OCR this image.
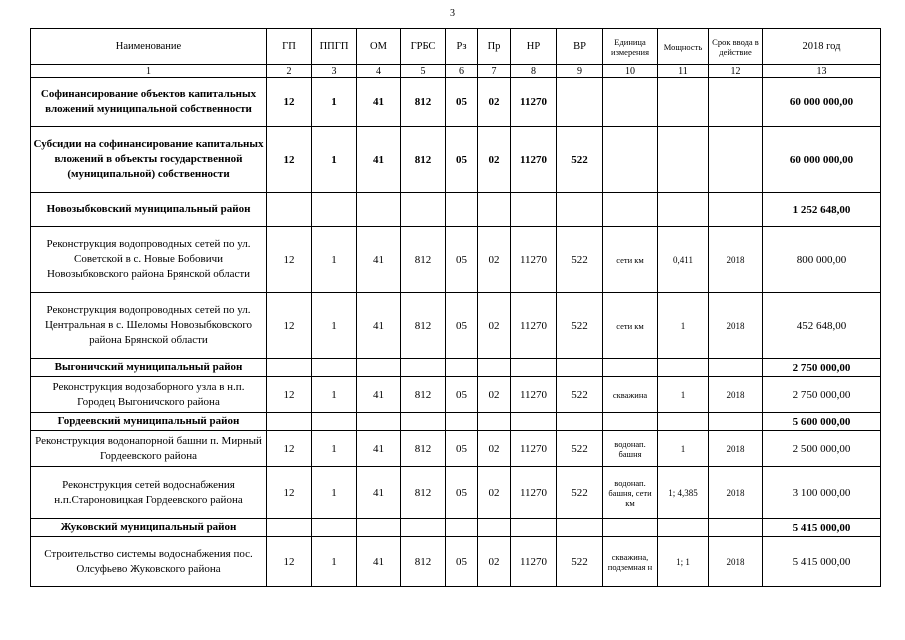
3
Наименование	ГП	ППГП	ОМ	ГРБС	Рз	Пр	НР	ВР	Единица измерения	Мощность	Срок ввода в действие	2018 год
1	2	3	4	5	6	7	8	9	10	11	12	13
Софинансирование объектов капитальных вложений муниципальной собственности	12	1	41	812	05	02	11270					60 000 000,00
Субсидии на софинансирование капитальных вложений в объекты государственной (муниципальной) собственности	12	1	41	812	05	02	11270	522				60 000 000,00
Новозыбковский муниципальный район												1 252 648,00
Реконструкция водопроводных сетей по ул. Советской в с. Новые Бобовичи Новозыбковского района Брянской области	12	1	41	812	05	02	11270	522	сети км	0,411	2018	800 000,00
Реконструкция водопроводных сетей по ул. Центральная в с. Шеломы Новозыбковского района Брянской области	12	1	41	812	05	02	11270	522	сети км	1	2018	452 648,00
Выгоничский муниципальный район												2 750 000,00
Реконструкция водозаборного узла в н.п. Городец Выгоничского района	12	1	41	812	05	02	11270	522	скважина	1	2018	2 750 000,00
Гордеевский муниципальный район												5 600 000,00
Реконструкция водонапорной башни п. Мирный Гордеевского района	12	1	41	812	05	02	11270	522	водонап. башня	1	2018	2 500 000,00
Реконструкция сетей водоснабжения н.п.Староновицкая Гордеевского района	12	1	41	812	05	02	11270	522	водонап. башня, сети км	1; 4,385	2018	3 100 000,00
Жуковский муниципальный район												5 415 000,00
Строительство системы водоснабжения пос. Олсуфьево Жуковского района	12	1	41	812	05	02	11270	522	скважина, подземная н	1; 1	2018	5 415 000,00
